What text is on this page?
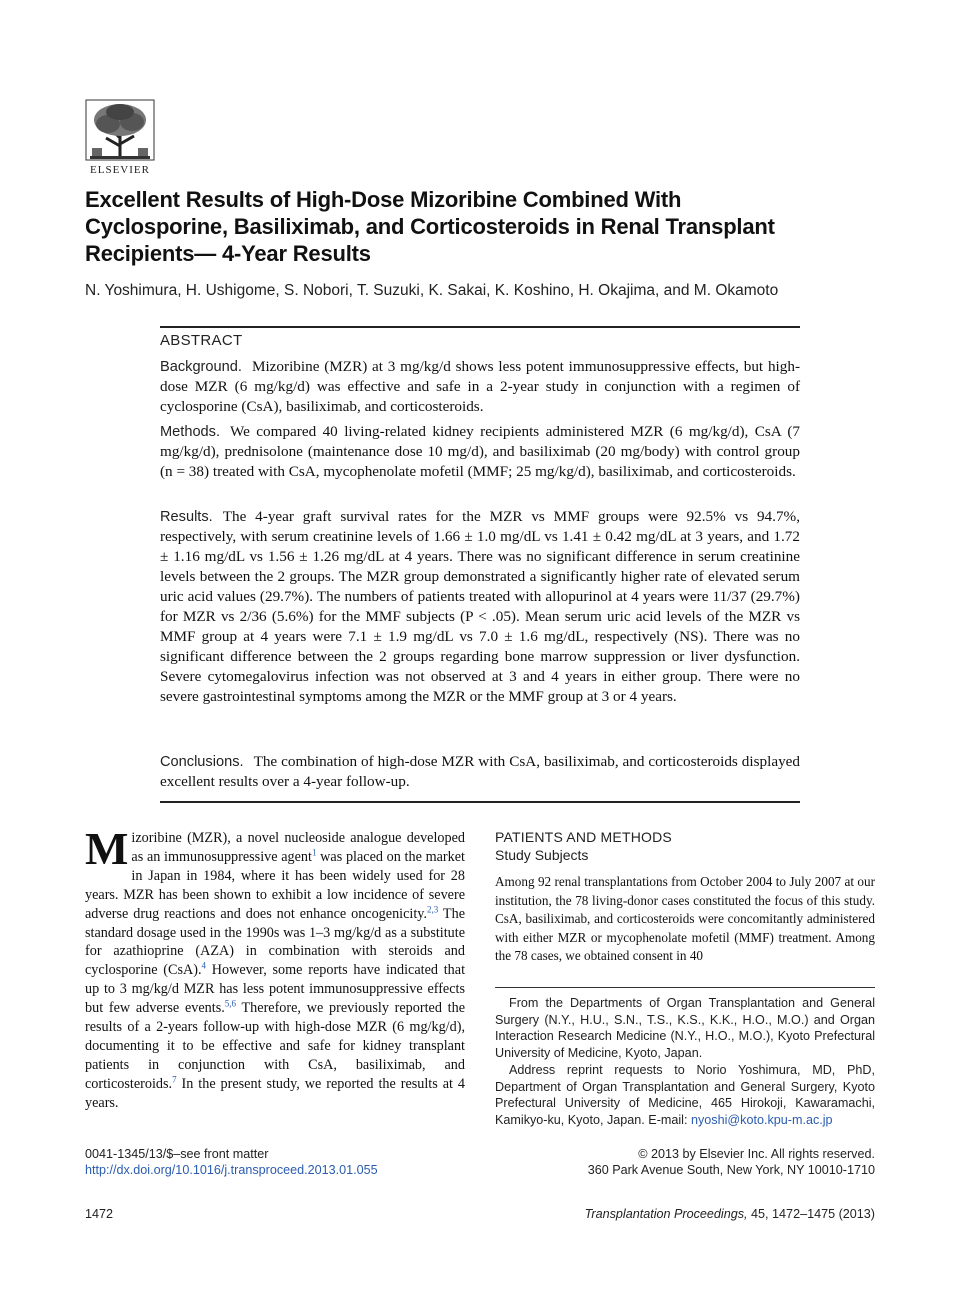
ELSEVIER
Excellent Results of High-Dose Mizoribine Combined With Cyclosporine, Basiliximab, and Corticosteroids in Renal Transplant Recipients— 4-Year Results
N. Yoshimura, H. Ushigome, S. Nobori, T. Suzuki, K. Sakai, K. Koshino, H. Okajima, and M. Okamoto
ABSTRACT
Background. Mizoribine (MZR) at 3 mg/kg/d shows less potent immunosuppressive effects, but high-dose MZR (6 mg/kg/d) was effective and safe in a 2-year study in conjunction with a regimen of cyclosporine (CsA), basiliximab, and corticosteroids.
Methods. We compared 40 living-related kidney recipients administered MZR (6 mg/kg/d), CsA (7 mg/kg/d), prednisolone (maintenance dose 10 mg/d), and basiliximab (20 mg/body) with control group (n = 38) treated with CsA, mycophenolate mofetil (MMF; 25 mg/kg/d), basiliximab, and corticosteroids.
Results. The 4-year graft survival rates for the MZR vs MMF groups were 92.5% vs 94.7%, respectively, with serum creatinine levels of 1.66 ± 1.0 mg/dL vs 1.41 ± 0.42 mg/dL at 3 years, and 1.72 ± 1.16 mg/dL vs 1.56 ± 1.26 mg/dL at 4 years. There was no significant difference in serum creatinine levels between the 2 groups. The MZR group demonstrated a significantly higher rate of elevated serum uric acid values (29.7%). The numbers of patients treated with allopurinol at 4 years were 11/37 (29.7%) for MZR vs 2/36 (5.6%) for the MMF subjects (P < .05). Mean serum uric acid levels of the MZR vs MMF group at 4 years were 7.1 ± 1.9 mg/dL vs 7.0 ± 1.6 mg/dL, respectively (NS). There was no significant difference between the 2 groups regarding bone marrow suppression or liver dysfunction. Severe cytomegalovirus infection was not observed at 3 and 4 years in either group. There were no severe gastrointestinal symptoms among the MZR or the MMF group at 3 or 4 years.
Conclusions. The combination of high-dose MZR with CsA, basiliximab, and corticosteroids displayed excellent results over a 4-year follow-up.
Mizoribine (MZR), a novel nucleoside analogue developed as an immunosuppressive agent$^1$ was placed on the market in Japan in 1984, where it has been widely used for 28 years. MZR has been shown to exhibit a low incidence of severe adverse drug reactions and does not enhance oncogenicity.$^{2,3}$ The standard dosage used in the 1990s was 1–3 mg/kg/d as a substitute for azathioprine (AZA) in combination with steroids and cyclosporine (CsA).$^4$ However, some reports have indicated that up to 3 mg/kg/d MZR has less potent immunosuppressive effects but few adverse events.$^{5,6}$ Therefore, we previously reported the results of a 2-years follow-up with high-dose MZR (6 mg/kg/d), documenting it to be effective and safe for kidney transplant patients in conjunction with CsA, basiliximab, and corticosteroids.$^7$ In the present study, we reported the results at 4 years.
PATIENTS AND METHODS
Study Subjects
Among 92 renal transplantations from October 2004 to July 2007 at our institution, the 78 living-donor cases constituted the focus of this study. CsA, basiliximab, and corticosteroids were concomitantly administered with either MZR or mycophenolate mofetil (MMF) treatment. Among the 78 cases, we obtained consent in 40
From the Departments of Organ Transplantation and General Surgery (N.Y., H.U., S.N., T.S., K.S., K.K., H.O., M.O.) and Organ Interaction Research Medicine (N.Y., H.O., M.O.), Kyoto Prefectural University of Medicine, Kyoto, Japan.
Address reprint requests to Norio Yoshimura, MD, PhD, Department of Organ Transplantation and General Surgery, Kyoto Prefectural University of Medicine, 465 Hirokoji, Kawaramachi, Kamikyo-ku, Kyoto, Japan. E-mail: nyoshi@koto.kpu-m.ac.jp
0041-1345/13/$–see front matter
http://dx.doi.org/10.1016/j.transproceed.2013.01.055
© 2013 by Elsevier Inc. All rights reserved.
360 Park Avenue South, New York, NY 10010-1710
1472	Transplantation Proceedings, 45, 1472–1475 (2013)
